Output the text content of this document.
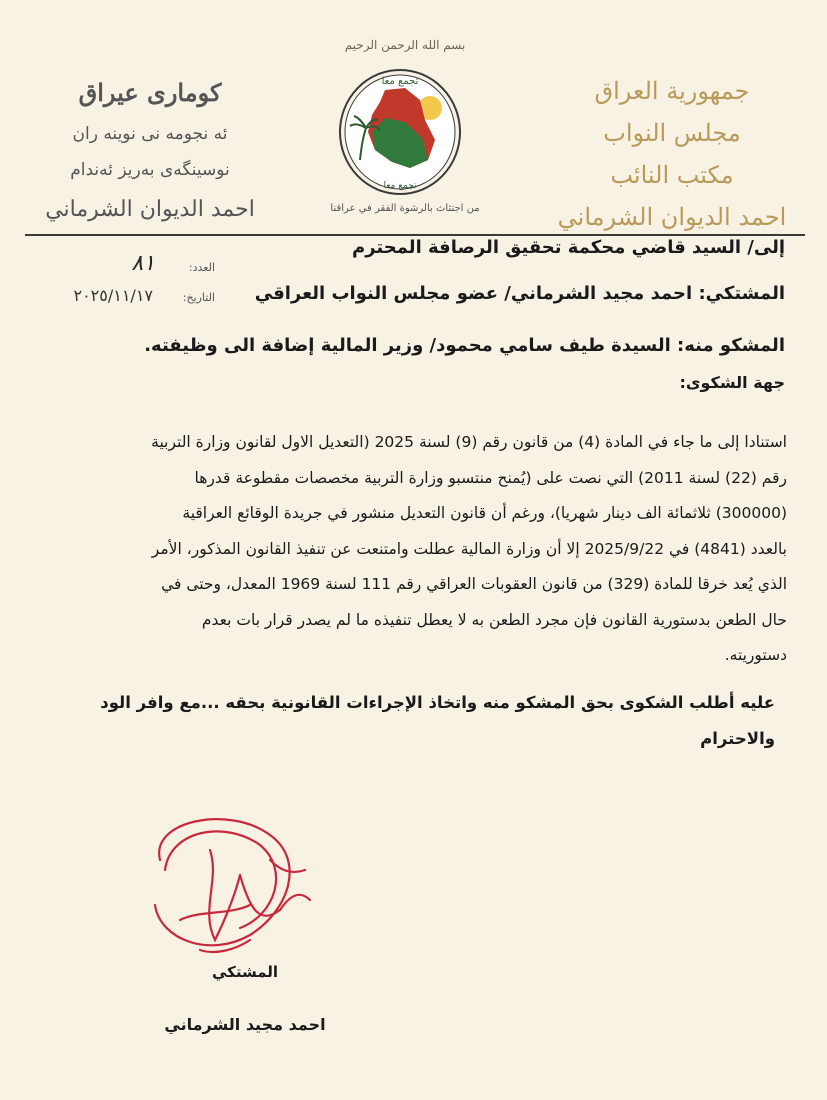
جمهورية العراق
مجلس النواب
مكتب النائب
احمد الديوان الشرماني
بسم الله الرحمن الرحيم
تجمع معا
تجمع معا
من اجتثاث بالرشوة الفقر في عراقنا
كومارى عيراق
ئه نجومه نى نوينه ران
نوسينگه‌ى به‌ريز ئه‌ندام
احمد الديوان الشرماني
العدد:
٨١
التاريخ:
٢٠٢٥/١١/١٧
إلى/ السيد قاضي محكمة تحقيق الرصافة المحترم
المشتكي: احمد مجيد الشرماني/ عضو مجلس النواب العراقي
المشكو منه: السيدة طيف سامي محمود/ وزير المالية إضافة الى وظيفته.
جهة الشكوى:
استنادا إلى ما جاء في المادة (4) من قانون رقم (9) لسنة 2025 (التعديل الاول لقانون وزارة التربية
رقم (22) لسنة 2011) التي نصت على (يُمنح منتسبو وزارة التربية مخصصات مقطوعة قدرها
(300000) ثلاثمائة الف دينار شهريا)، ورغم أن قانون التعديل منشور في جريدة الوقائع العراقية
بالعدد (4841) في 2025/9/22 إلا أن وزارة المالية عطلت وامتنعت عن تنفيذ القانون المذكور، الأمر
الذي يُعد خرقا للمادة (329) من قانون العقوبات العراقي رقم 111 لسنة 1969 المعدل، وحتى في
حال الطعن بدستورية القانون فإن مجرد الطعن به لا يعطل تنفيذه ما لم يصدر قرار بات بعدم
دستوريته.
عليه أطلب الشكوى بحق المشكو منه واتخاذ الإجراءات القانونية بحقه ...مع وافر الود والاحترام
المشتكي
احمد مجيد الشرماني
